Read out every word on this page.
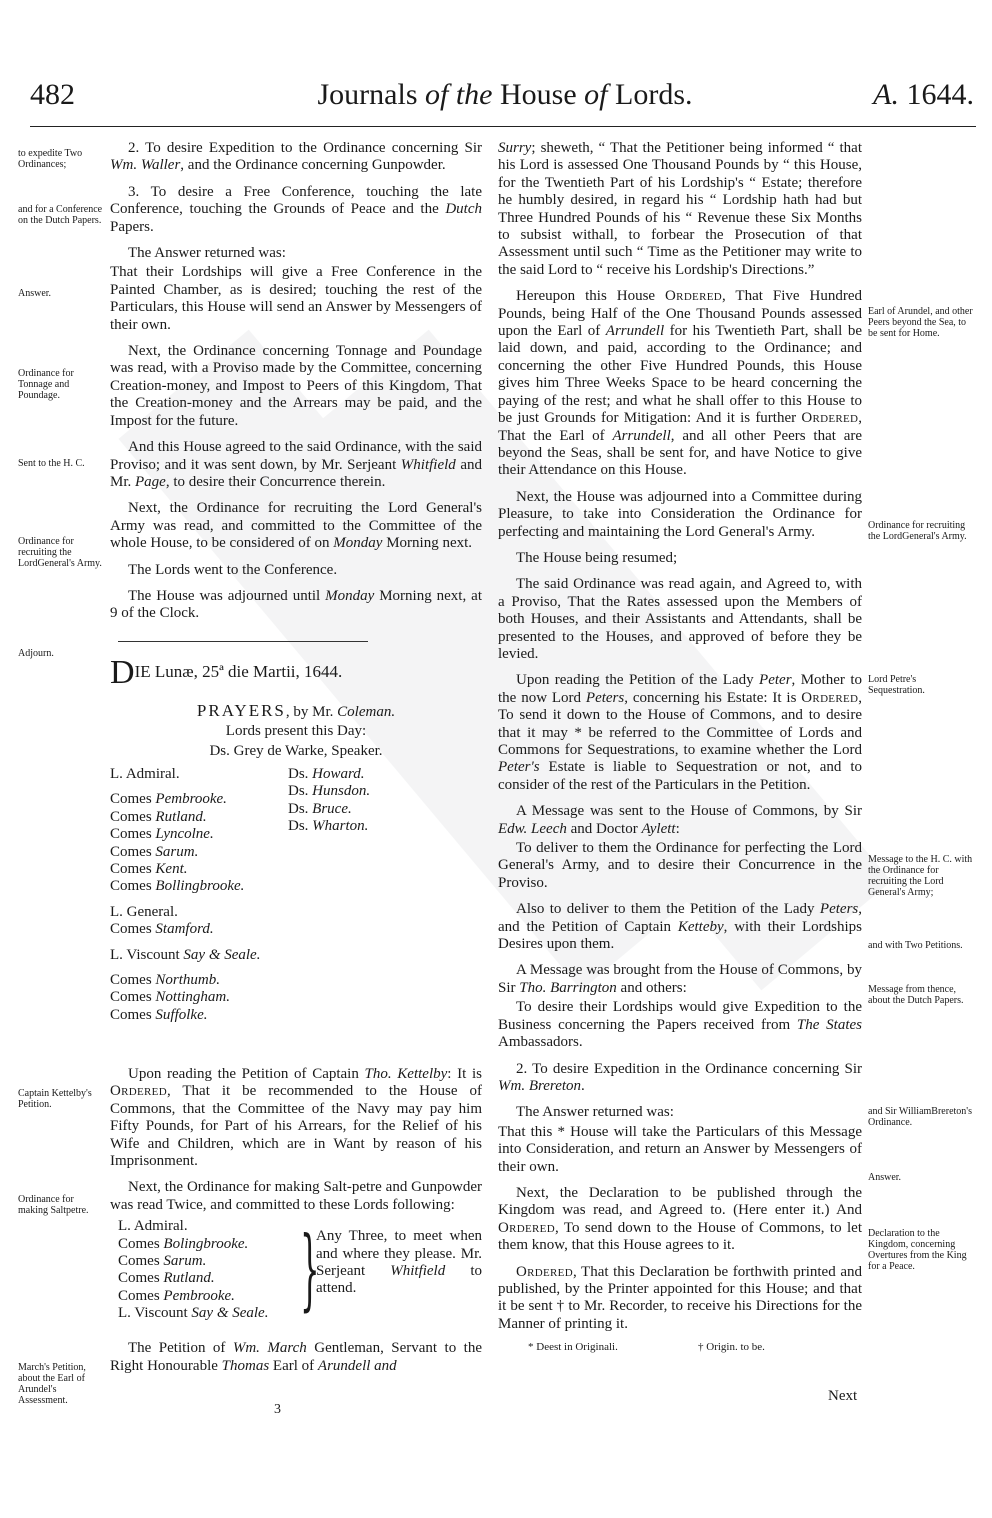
482	Journals of the House of Lords.	A. 1644.
to expedite Two Ordinances;
and for a Conference on the Dutch Papers.
Answer.
Ordinance for Tonnage and Poundage.
Sent to the H. C.
Ordinance for recruiting the LordGeneral's Army.
Adjourn.
Captain Kettelby's Petition.
Ordinance for making Saltpetre.
March's Petition, about the Earl of Arundel's Assessment.

2. To desire Expedition to the Ordinance concerning Sir Wm. Waller, and the Ordinance concerning Gunpowder.

3. To desire a Free Conference, touching the late Conference, touching the Grounds of Peace and the Dutch Papers.

The Answer returned was:

That their Lordships will give a Free Conference in the Painted Chamber, as is desired; touching the rest of the Particulars, this House will send an Answer by Messengers of their own.

Next, the Ordinance concerning Tonnage and Poundage was read, with a Proviso made by the Committee, concerning Creation-money, and Impost to Peers of this Kingdom, That the Creation-money and the Arrears may be paid, and the Impost for the future.

And this House agreed to the said Ordinance, with the said Proviso; and it was sent down, by Mr. Serjeant Whitfield and Mr. Page, to desire their Concurrence therein.

Next, the Ordinance for recruiting the Lord General's Army was read, and committed to the Committee of the whole House, to be considered of on Monday Morning next.

The Lords went to the Conference.

The House was adjourned until Monday Morning next, at 9 of the Clock.

DIE Lunæ, 25ª die Martii, 1644.

PRAYERS, by Mr. Coleman.

Lords present this Day:

Ds. Grey de Warke, Speaker.

L. Admiral.
Comes Pembrooke.
Comes Rutland.
Comes Lyncolne.
Comes Sarum.
Comes Kent.
Comes Bollingbrooke.
L. General.
Comes Stamford.
L. Viscount Say & Seale.
Comes Northumb.
Comes Nottingham.
Comes Suffolke.
Ds. Howard.
Ds. Hunsdon.
Ds. Bruce.
Ds. Wharton.

Upon reading the Petition of Captain Tho. Kettelby: It is Ordered, That it be recommended to the House of Commons, that the Committee of the Navy may pay him Fifty Pounds, for Part of his Arrears, for the Relief of his Wife and Children, which are in Want by reason of his Imprisonment.

Next, the Ordinance for making Salt-petre and Gunpowder was read Twice, and committed to these Lords following:

L. Admiral.
Comes Bolingbrooke.
Comes Sarum.
Comes Rutland.
Comes Pembrooke.
L. Viscount Say & Seale. }
Any Three, to meet when and where they please. Mr. Serjeant Whitfield to attend.

The Petition of Wm. March Gentleman, Servant to the Right Honourable Thomas Earl of Arundell and

Surry; sheweth, “ That the Petitioner being informed “ that his Lord is assessed One Thousand Pounds by “ this House, for the Twentieth Part of his Lordship's “ Estate; therefore he humbly desired, in regard his “ Lordship hath had but Three Hundred Pounds of his “ Revenue these Six Months to subsist withall, to forbear the Prosecution of that Assessment until such “ Time as the Petitioner may write to the said Lord to “ receive his Lordship's Directions.”

Hereupon this House Ordered, That Five Hundred Pounds, being Half of the One Thousand Pounds assessed upon the Earl of Arrundell for his Twentieth Part, shall be laid down, and paid, according to the Ordinance; and concerning the other Five Hundred Pounds, this House gives him Three Weeks Space to be heard concerning the paying of the rest; and what he shall offer to this House to be just Grounds for Mitigation: And it is further Ordered, That the Earl of Arrundell, and all other Peers that are beyond the Seas, shall be sent for, and have Notice to give their Attendance on this House.

Next, the House was adjourned into a Committee during Pleasure, to take into Consideration the Ordinance for perfecting and maintaining the Lord General's Army.

The House being resumed;

The said Ordinance was read again, and Agreed to, with a Proviso, That the Rates assessed upon the Members of both Houses, and their Assistants and Attendants, shall be presented to the Houses, and approved of before they be levied.

Upon reading the Petition of the Lady Peter, Mother to the now Lord Peters, concerning his Estate: It is Ordered, To send it down to the House of Commons, and to desire that it may * be referred to the Committee of Lords and Commons for Sequestrations, to examine whether the Lord Peter's Estate is liable to Sequestration or not, and to consider of the rest of the Particulars in the Petition.

A Message was sent to the House of Commons, by Sir Edw. Leech and Doctor Aylett:

To deliver to them the Ordinance for perfecting the Lord General's Army, and to desire their Concurrence in the Proviso.

Also to deliver to them the Petition of the Lady Peters, and the Petition of Captain Ketteby, with their Lordships Desires upon them.

A Message was brought from the House of Commons, by Sir Tho. Barrington and others:

To desire their Lordships would give Expedition to the Business concerning the Papers received from The States Ambassadors.

2. To desire Expedition in the Ordinance concerning Sir Wm. Brereton.

The Answer returned was:

That this * House will take the Particulars of this Message into Consideration, and return an Answer by Messengers of their own.

Next, the Declaration to be published through the Kingdom was read, and Agreed to. (Here enter it.) And Ordered, To send down to the House of Commons, to let them know, that this House agrees to it.

Ordered, That this Declaration be forthwith printed and published, by the Printer appointed for this House; and that it be sent † to Mr. Recorder, to receive his Directions for the Manner of printing it.

* Deest in Originali.	† Origin. to be.
Earl of Arundel, and other Peers beyond the Sea, to be sent for Home.
Ordinance for recruiting the LordGeneral's Army.
Lord Petre's Sequestration.
Message to the H. C. with the Ordinance for recruiting the Lord General's Army;
and with Two Petitions.
Message from thence, about the Dutch Papers.
and Sir WilliamBrereton's Ordinance.
Answer.
Declaration to the Kingdom, concerning Overtures from the King for a Peace.
3
Next
